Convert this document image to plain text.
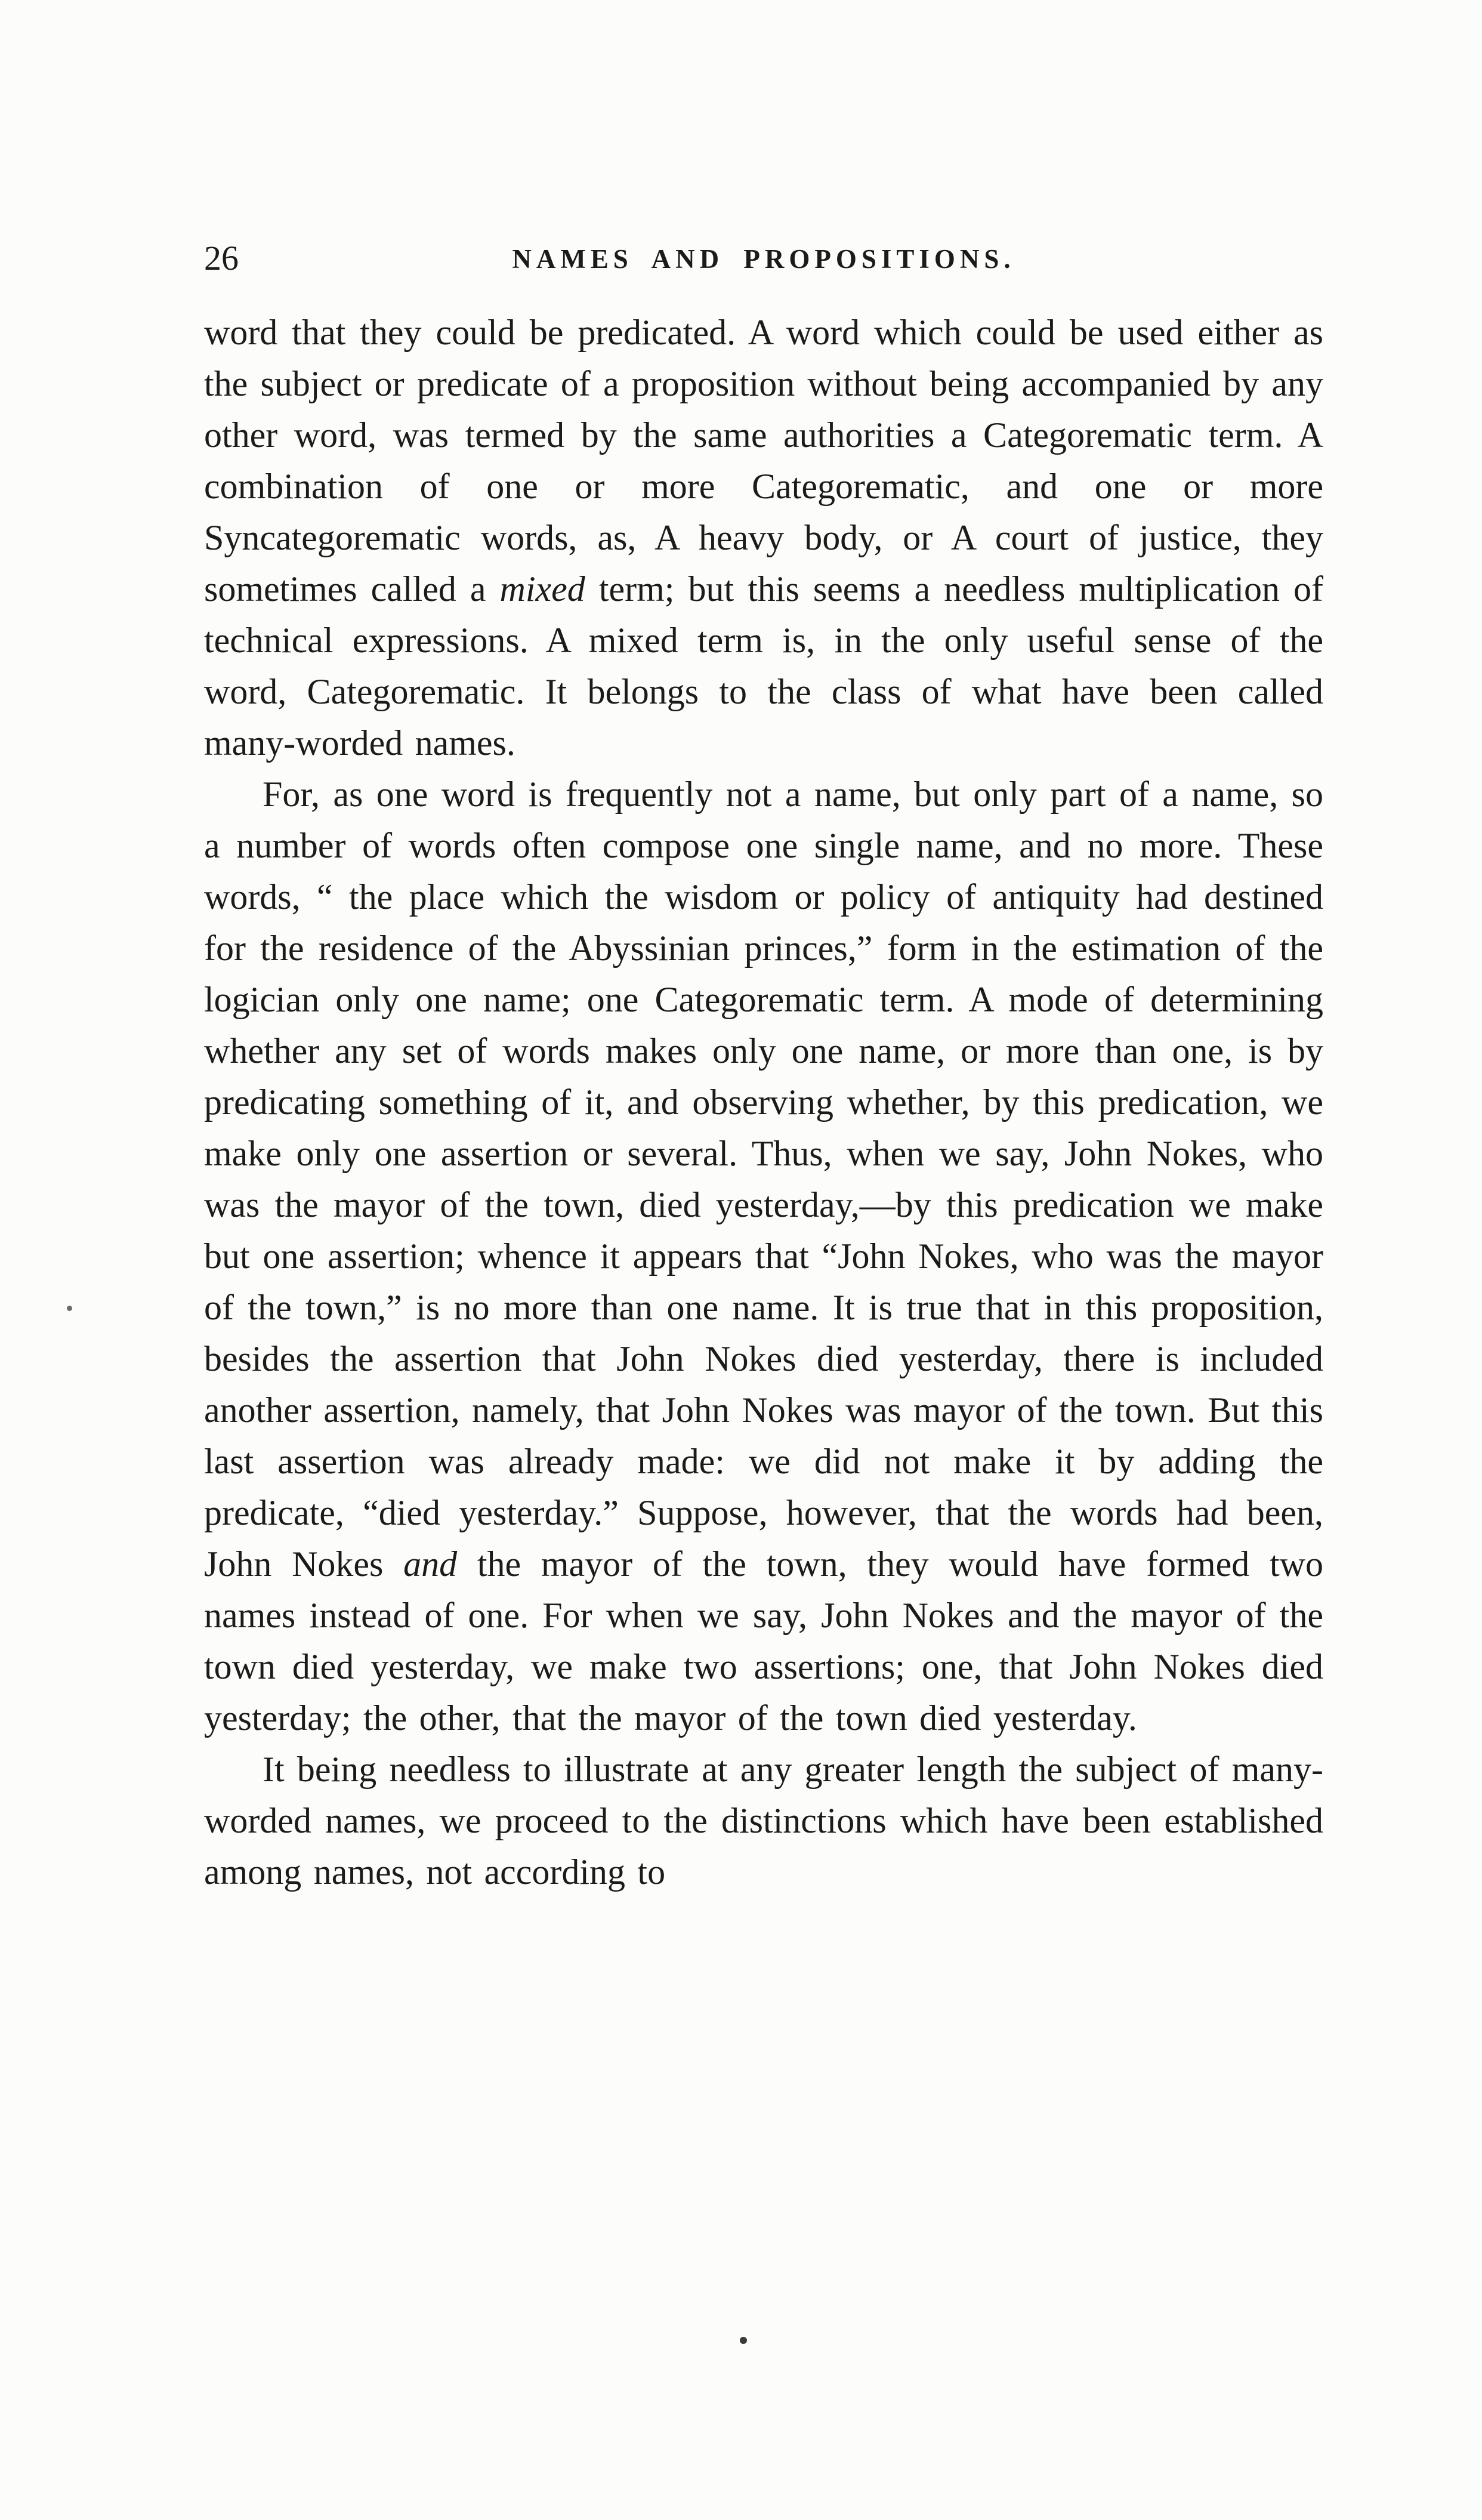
26	NAMES AND PROPOSITIONS.

word that they could be predicated. A word which could be used either as the subject or predicate of a proposition without being accompanied by any other word, was termed by the same authorities a Categorematic term. A combination of one or more Categorematic, and one or more Syncategorematic words, as, A heavy body, or A court of justice, they sometimes called a mixed term; but this seems a needless multiplication of technical expressions. A mixed term is, in the only useful sense of the word, Categorematic. It belongs to the class of what have been called many-worded names.

For, as one word is frequently not a name, but only part of a name, so a number of words often compose one single name, and no more. These words, “ the place which the wisdom or policy of antiquity had destined for the residence of the Abyssinian princes,” form in the estimation of the logician only one name; one Categorematic term. A mode of determining whether any set of words makes only one name, or more than one, is by predicating something of it, and observing whether, by this predication, we make only one assertion or several. Thus, when we say, John Nokes, who was the mayor of the town, died yesterday,—by this predication we make but one assertion; whence it appears that “John Nokes, who was the mayor of the town,” is no more than one name. It is true that in this proposition, besides the assertion that John Nokes died yesterday, there is included another assertion, namely, that John Nokes was mayor of the town. But this last assertion was already made: we did not make it by adding the predicate, “died yesterday.” Suppose, however, that the words had been, John Nokes and the mayor of the town, they would have formed two names instead of one. For when we say, John Nokes and the mayor of the town died yesterday, we make two assertions; one, that John Nokes died yesterday; the other, that the mayor of the town died yesterday.

It being needless to illustrate at any greater length the subject of many-worded names, we proceed to the distinctions which have been established among names, not according to
